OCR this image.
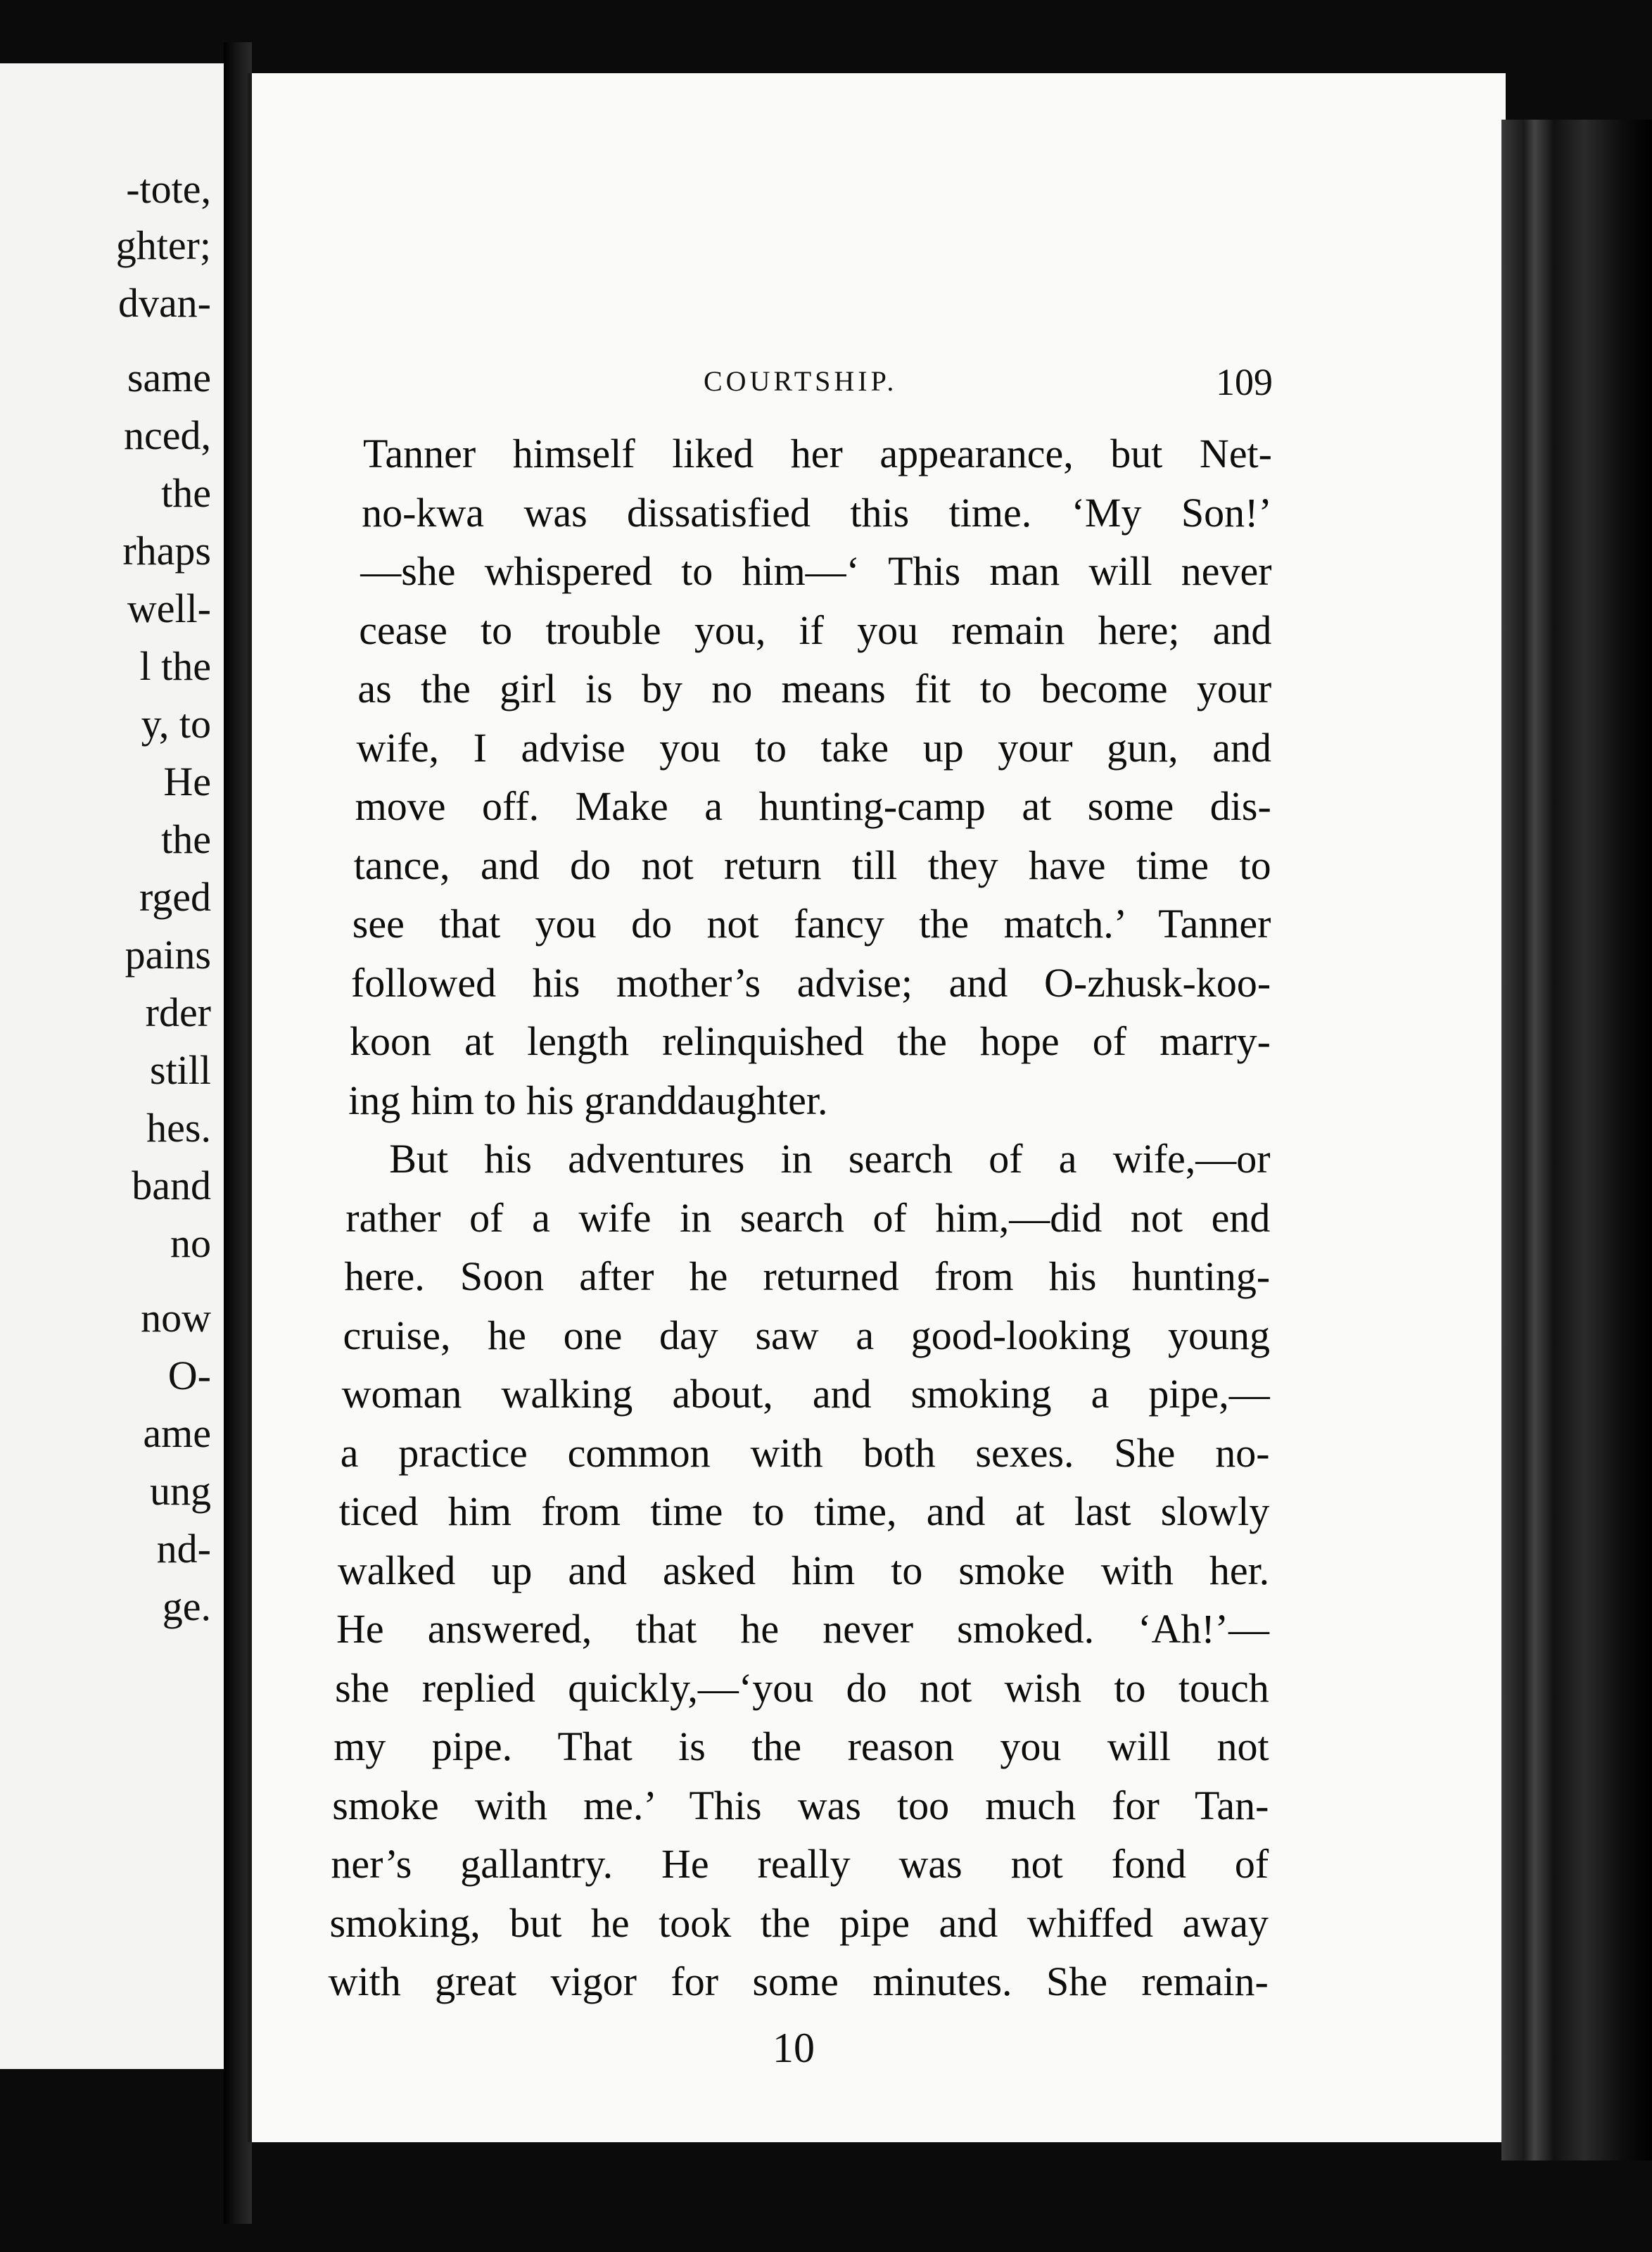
-tote,
ghter;
dvan-
same
nced,
the
rhaps
well-
l the
y, to
He
the
rged
pains
rder
still
hes.
band
no
now
O-
ame
ung
nd-
ge.
COURTSHIP.	109
Tanner himself liked her appearance, but Net-
no-kwa was dissatisfied this time. ‘My Son!’
—she whispered to him—‘ This man will never
cease to trouble you, if you remain here; and
as the girl is by no means fit to become your
wife, I advise you to take up your gun, and
move off. Make a hunting-camp at some dis-
tance, and do not return till they have time to
see that you do not fancy the match.’ Tanner
followed his mother’s advise; and O-zhusk-koo-
koon at length relinquished the hope of marry-
ing him to his granddaughter.
But his adventures in search of a wife,—or
rather of a wife in search of him,—did not end
here. Soon after he returned from his hunting-
cruise, he one day saw a good-looking young
woman walking about, and smoking a pipe,—
a practice common with both sexes. She no-
ticed him from time to time, and at last slowly
walked up and asked him to smoke with her.
He answered, that he never smoked. ‘Ah!’—
she replied quickly,—‘you do not wish to touch
my pipe. That is the reason you will not
smoke with me.’ This was too much for Tan-
ner’s gallantry. He really was not fond of
smoking, but he took the pipe and whiffed away
with great vigor for some minutes. She remain-
10
